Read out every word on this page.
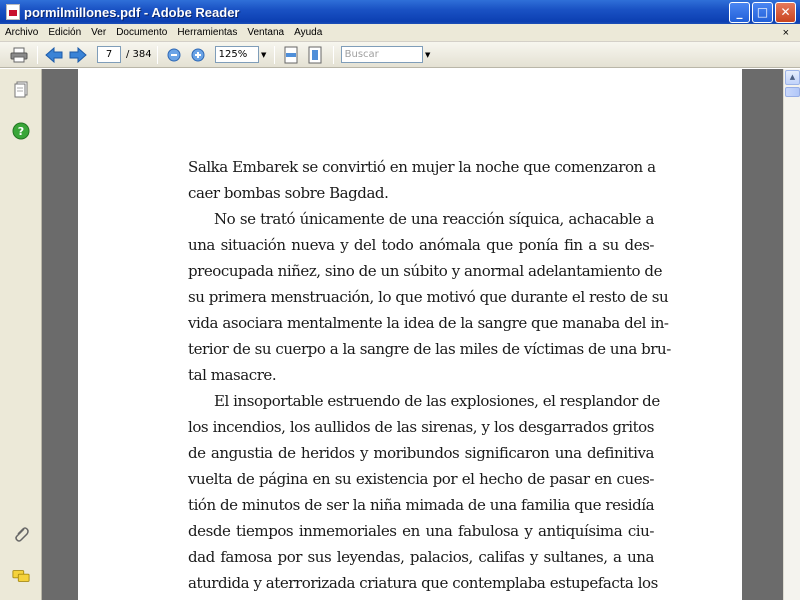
pormilmillones.pdf - Adobe Reader	_	□	✕
Archivo	Edición	Ver	Documento	Herramientas	Ventana	Ayuda	×
7	/ 384	125%	▼	Buscar	▼
?
Salka Embarek se convirtió en mujer la noche que comenzaron a
caer bombas sobre Bagdad.
No se trató únicamente de una reacción síquica, achacable a
una situación nueva y del todo anómala que ponía fin a su des-
preocupada niñez, sino de un súbito y anormal adelantamiento de
su primera menstruación, lo que motivó que durante el resto de su
vida asociara mentalmente la idea de la sangre que manaba del in-
terior de su cuerpo a la sangre de las miles de víctimas de una bru-
tal masacre.
El insoportable estruendo de las explosiones, el resplandor de
los incendios, los aullidos de las sirenas, y los desgarrados gritos
de angustia de heridos y moribundos significaron una definitiva
vuelta de página en su existencia por el hecho de pasar en cues-
tión de minutos de ser la niña mimada de una familia que residía
desde tiempos inmemoriales en una fabulosa y antiquísima ciu-
dad famosa por sus leyendas, palacios, califas y sultanes, a una
aturdida y aterrorizada criatura que contemplaba estupefacta los
▲
